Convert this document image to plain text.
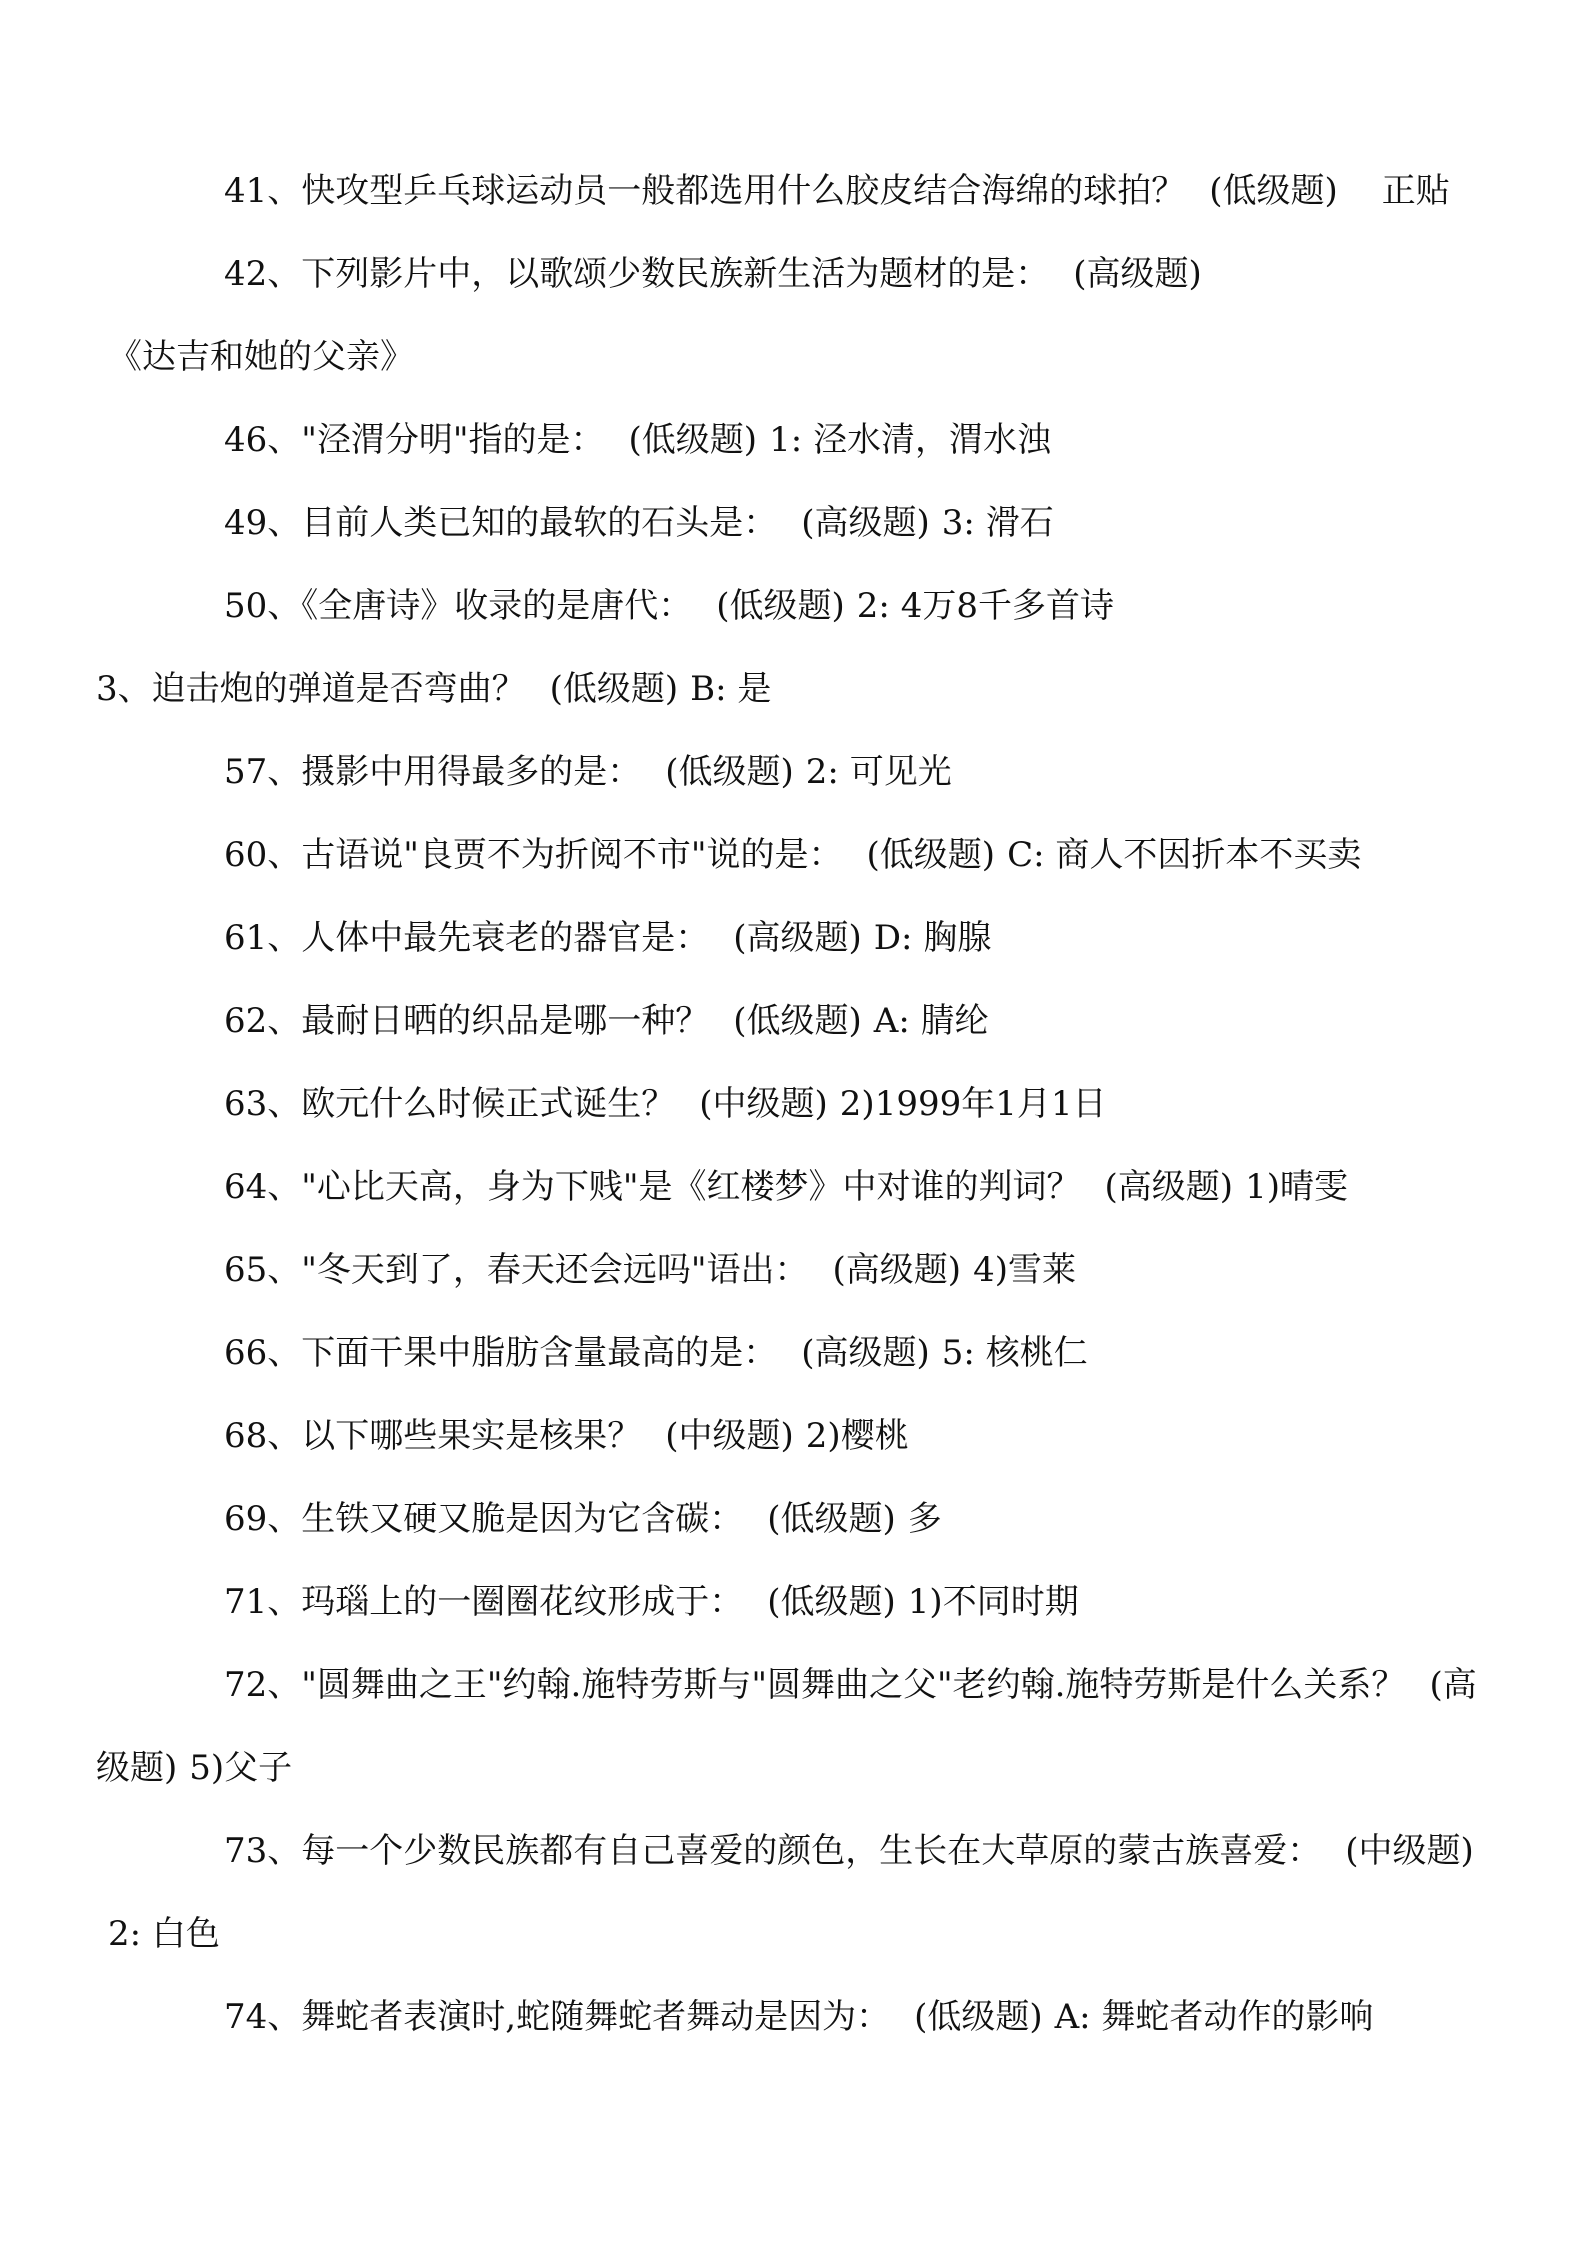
41、快攻型乒乓球运动员一般都选用什么胶皮结合海绵的球拍？ (低级题) 正贴

42、下列影片中，以歌颂少数民族新生活为题材的是： (高级题)《达吉和她的父亲》

46、"泾渭分明"指的是： (低级题) 1: 泾水清，渭水浊

49、目前人类已知的最软的石头是： (高级题) 3: 滑石

50、《全唐诗》收录的是唐代： (低级题) 2: 4万8千多首诗

3、迫击炮的弹道是否弯曲？ (低级题) B: 是

57、摄影中用得最多的是： (低级题) 2: 可见光

60、古语说"良贾不为折阅不市"说的是： (低级题) C: 商人不因折本不买卖

61、人体中最先衰老的器官是： (高级题) D: 胸腺

62、最耐日晒的织品是哪一种？ (低级题) A: 腈纶

63、欧元什么时候正式诞生？ (中级题) 2)1999年1月1日

64、"心比天高，身为下贱"是《红楼梦》中对谁的判词？ (高级题) 1)晴雯

65、"冬天到了，春天还会远吗"语出： (高级题) 4)雪莱

66、下面干果中脂肪含量最高的是： (高级题) 5: 核桃仁

68、以下哪些果实是核果？ (中级题) 2)樱桃

69、生铁又硬又脆是因为它含碳： (低级题) 多

71、玛瑙上的一圈圈花纹形成于： (低级题) 1)不同时期

72、"圆舞曲之王"约翰.施特劳斯与"圆舞曲之父"老约翰.施特劳斯是什么关系？ (高级题) 5)父子

73、每一个少数民族都有自己喜爱的颜色，生长在大草原的蒙古族喜爱： (中级题)2: 白色

74、舞蛇者表演时,蛇随舞蛇者舞动是因为： (低级题) A: 舞蛇者动作的影响
